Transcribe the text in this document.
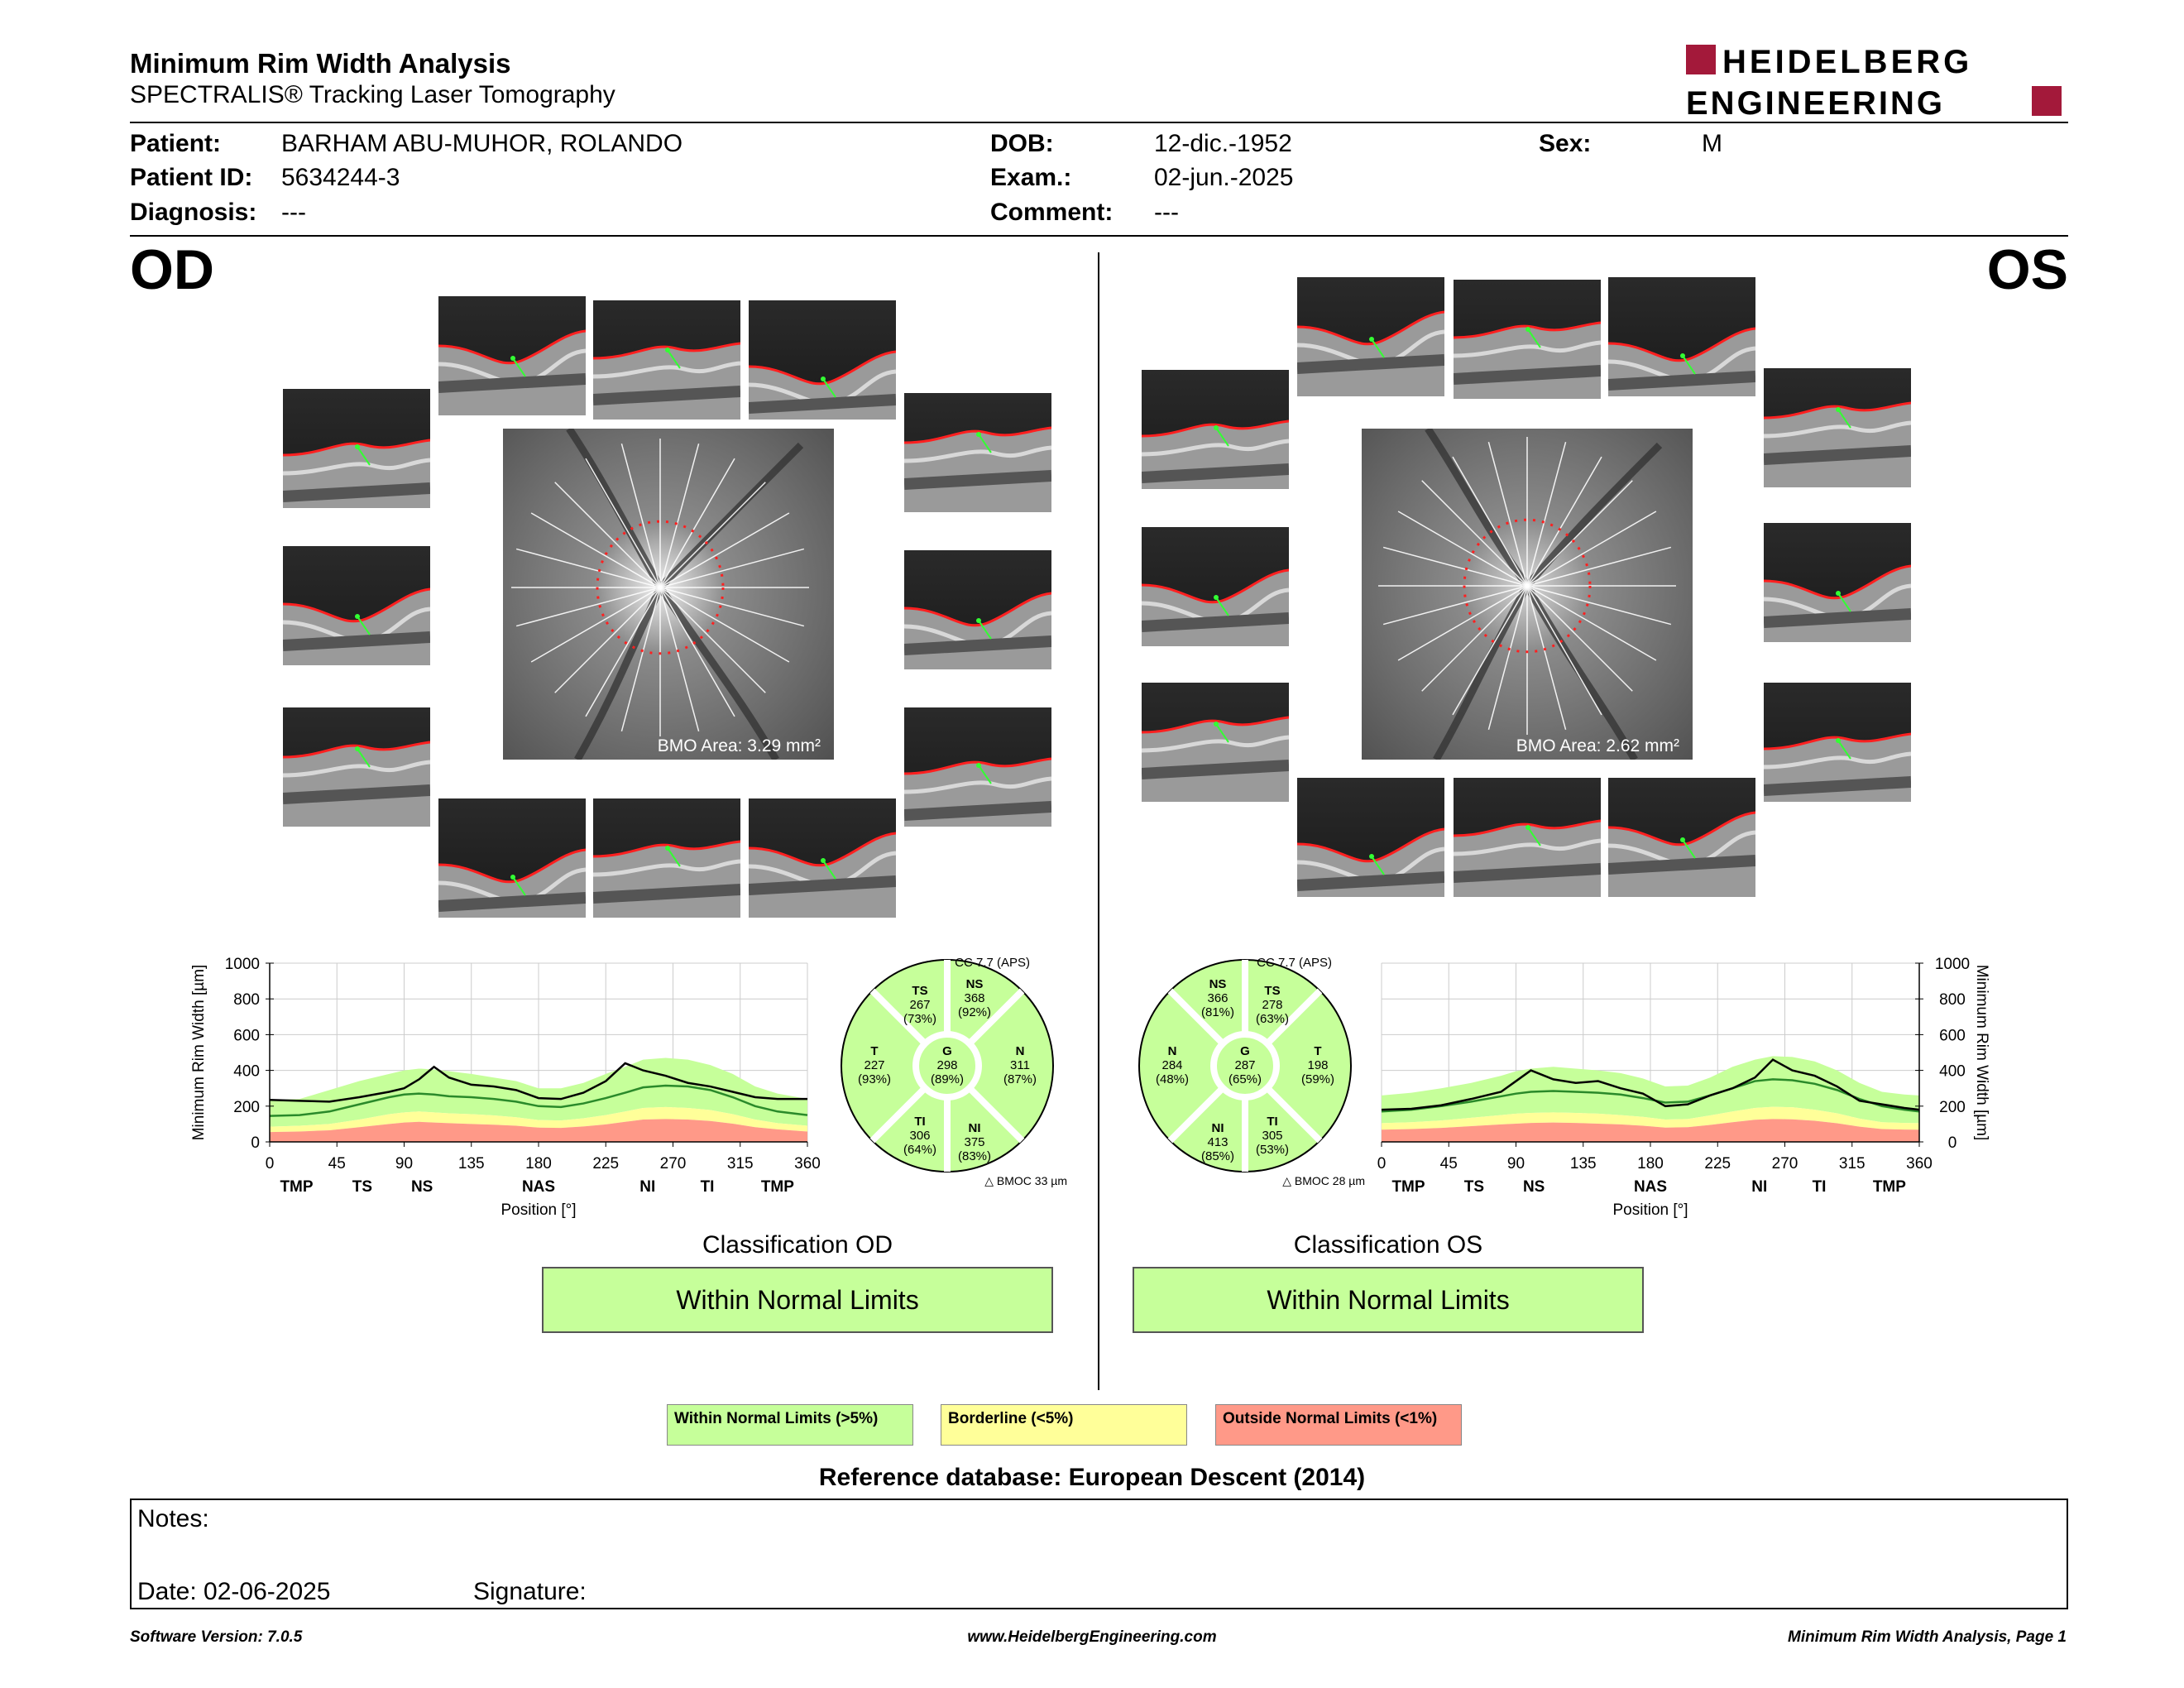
Minimum Rim Width Analysis
SPECTRALIS® Tracking Laser Tomography
HEIDELBERG
ENGINEERING
Patient: BARHAM ABU-MUHOR, ROLANDO
Patient ID: 5634244-3
Diagnosis: ---
DOB:	12-dic.-1952
Exam.:	02-jun.-2025
Comment: ---
Sex:	M
OD	OS
BMO Area: 3.29 mm²	BMO Area: 2.62 mm²
0
200
400
600
800
1000
0	45	90	135	180	225	270	315	360
TMP TS NS	NAS	NI	TI	TMP
Position [°]
Minimum Rim Width [µm]
0
200
400
600
800
1000
0	45	90	135	180	225	270	315	360
TMP TS NS	NAS	NI	TI	TMP
Position [°]
Minimum Rim Width [µm]
TS
267
(73%)
NS
368
(92%)
T
227
(93%)
G
298
(89%)
N
311
(87%)
TI
306
(64%)
NI
375
(83%)
CC 7.7 (APS)
△ BMOC 33 µm
NS
366
(81%)
TS
278
(63%)
N
284
(48%)
G
287
(65%)
T
198
(59%)
NI
413
(85%)
TI
305
(53%)
CC 7.7 (APS)
△ BMOC 28 µm
Classification OD
Within Normal Limits
Classification OS
Within Normal Limits
Within Normal Limits (>5%)	Borderline (<5%)	Outside Normal Limits (<1%)
Reference database: European Descent (2014)
Notes:
Date: 02-06-2025	Signature:
Software Version: 7.0.5	www.HeidelbergEngineering.com	Minimum Rim Width Analysis, Page 1
